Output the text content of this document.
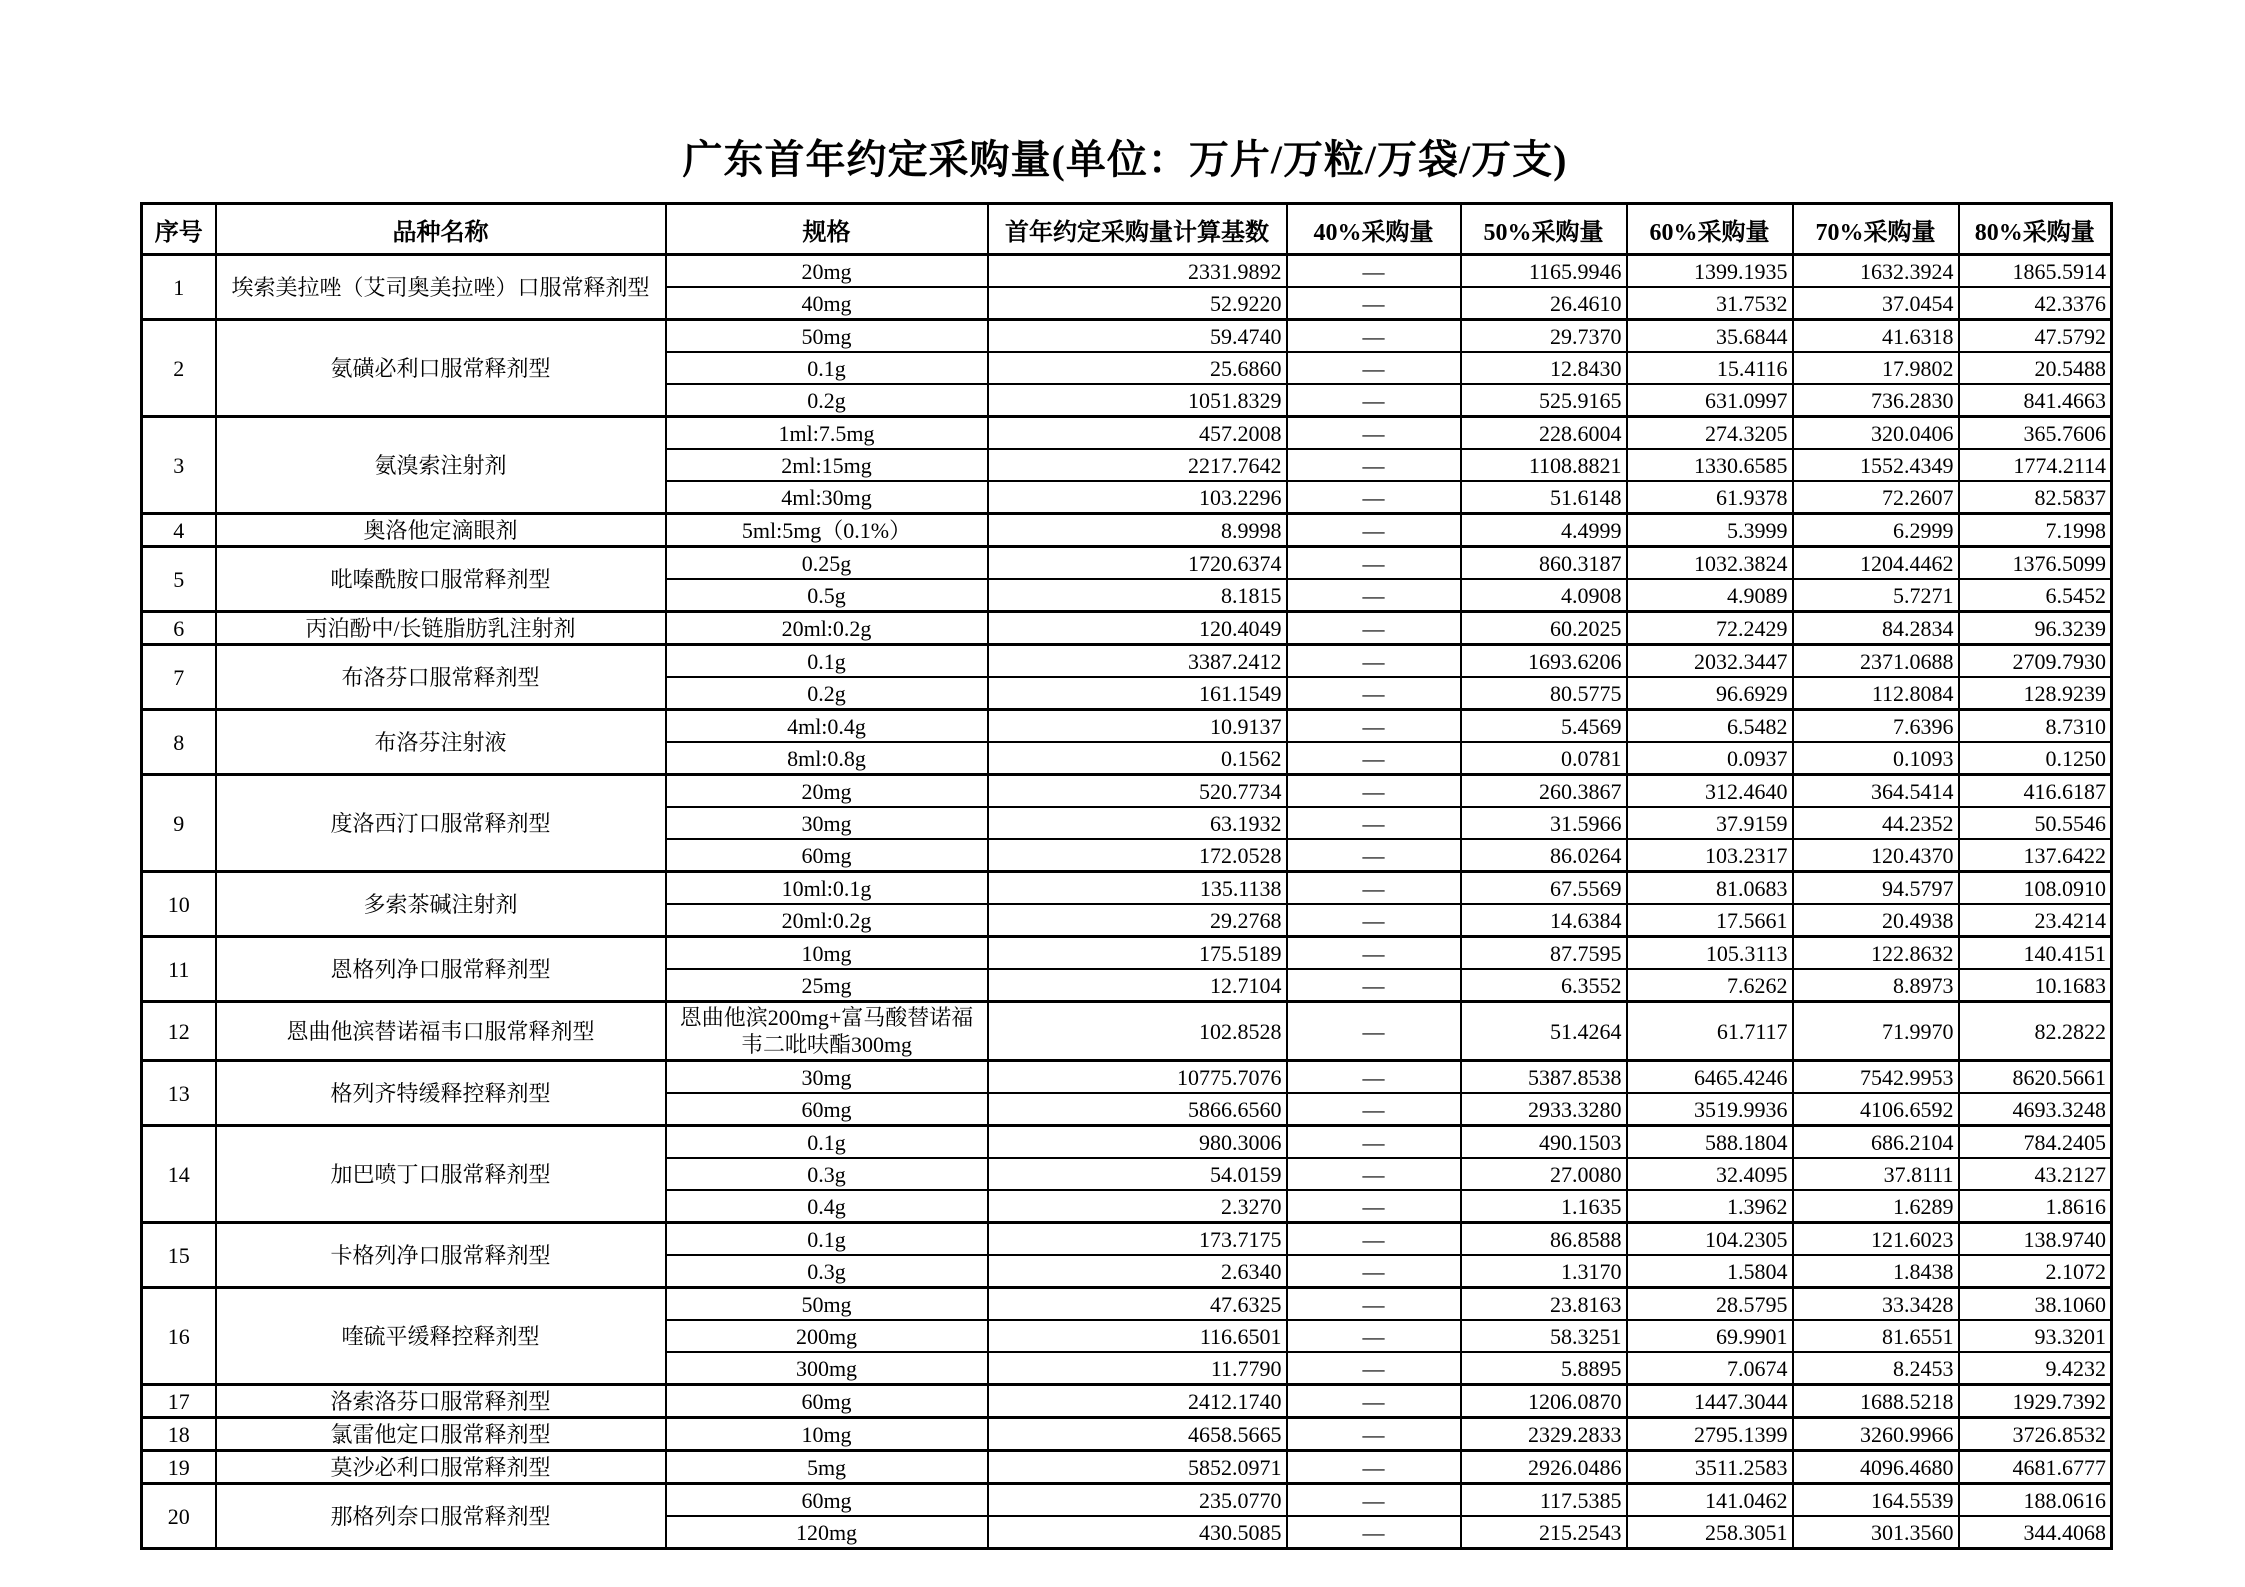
广东首年约定采购量(单位：万片/万粒/万袋/万支)
序号	品种名称	规格	首年约定采购量计算基数	40%采购量	50%采购量	60%采购量	70%采购量	80%采购量
1	埃索美拉唑（艾司奥美拉唑）口服常释剂型	20mg	2331.9892	—	1165.9946	1399.1935	1632.3924	1865.5914
		40mg	52.9220	—	26.4610	31.7532	37.0454	42.3376
2	氨磺必利口服常释剂型	50mg	59.4740	—	29.7370	35.6844	41.6318	47.5792
		0.1g	25.6860	—	12.8430	15.4116	17.9802	20.5488
		0.2g	1051.8329	—	525.9165	631.0997	736.2830	841.4663
3	氨溴索注射剂	1ml:7.5mg	457.2008	—	228.6004	274.3205	320.0406	365.7606
		2ml:15mg	2217.7642	—	1108.8821	1330.6585	1552.4349	1774.2114
		4ml:30mg	103.2296	—	51.6148	61.9378	72.2607	82.5837
4	奥洛他定滴眼剂	5ml:5mg（0.1%）	8.9998	—	4.4999	5.3999	6.2999	7.1998
5	吡嗪酰胺口服常释剂型	0.25g	1720.6374	—	860.3187	1032.3824	1204.4462	1376.5099
		0.5g	8.1815	—	4.0908	4.9089	5.7271	6.5452
6	丙泊酚中/长链脂肪乳注射剂	20ml:0.2g	120.4049	—	60.2025	72.2429	84.2834	96.3239
7	布洛芬口服常释剂型	0.1g	3387.2412	—	1693.6206	2032.3447	2371.0688	2709.7930
		0.2g	161.1549	—	80.5775	96.6929	112.8084	128.9239
8	布洛芬注射液	4ml:0.4g	10.9137	—	5.4569	6.5482	7.6396	8.7310
		8ml:0.8g	0.1562	—	0.0781	0.0937	0.1093	0.1250
9	度洛西汀口服常释剂型	20mg	520.7734	—	260.3867	312.4640	364.5414	416.6187
		30mg	63.1932	—	31.5966	37.9159	44.2352	50.5546
		60mg	172.0528	—	86.0264	103.2317	120.4370	137.6422
10	多索茶碱注射剂	10ml:0.1g	135.1138	—	67.5569	81.0683	94.5797	108.0910
		20ml:0.2g	29.2768	—	14.6384	17.5661	20.4938	23.4214
11	恩格列净口服常释剂型	10mg	175.5189	—	87.7595	105.3113	122.8632	140.4151
		25mg	12.7104	—	6.3552	7.6262	8.8973	10.1683
12	恩曲他滨替诺福韦口服常释剂型	恩曲他滨200mg+富马酸替诺福韦二吡呋酯300mg	102.8528	—	51.4264	61.7117	71.9970	82.2822
13	格列齐特缓释控释剂型	30mg	10775.7076	—	5387.8538	6465.4246	7542.9953	8620.5661
		60mg	5866.6560	—	2933.3280	3519.9936	4106.6592	4693.3248
14	加巴喷丁口服常释剂型	0.1g	980.3006	—	490.1503	588.1804	686.2104	784.2405
		0.3g	54.0159	—	27.0080	32.4095	37.8111	43.2127
		0.4g	2.3270	—	1.1635	1.3962	1.6289	1.8616
15	卡格列净口服常释剂型	0.1g	173.7175	—	86.8588	104.2305	121.6023	138.9740
		0.3g	2.6340	—	1.3170	1.5804	1.8438	2.1072
16	喹硫平缓释控释剂型	50mg	47.6325	—	23.8163	28.5795	33.3428	38.1060
		200mg	116.6501	—	58.3251	69.9901	81.6551	93.3201
		300mg	11.7790	—	5.8895	7.0674	8.2453	9.4232
17	洛索洛芬口服常释剂型	60mg	2412.1740	—	1206.0870	1447.3044	1688.5218	1929.7392
18	氯雷他定口服常释剂型	10mg	4658.5665	—	2329.2833	2795.1399	3260.9966	3726.8532
19	莫沙必利口服常释剂型	5mg	5852.0971	—	2926.0486	3511.2583	4096.4680	4681.6777
20	那格列奈口服常释剂型	60mg	235.0770	—	117.5385	141.0462	164.5539	188.0616
		120mg	430.5085	—	215.2543	258.3051	301.3560	344.4068
